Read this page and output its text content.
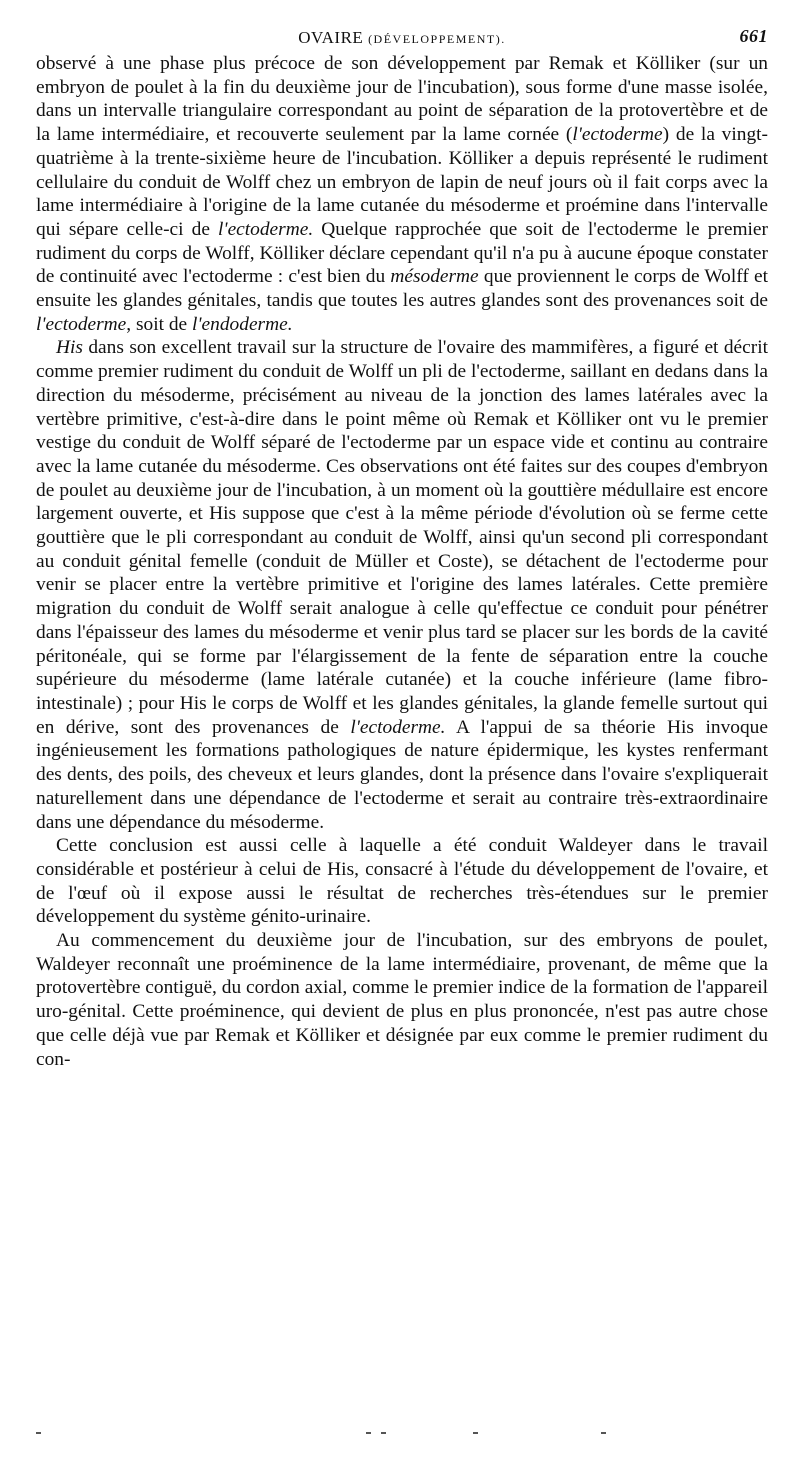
OVAIRE (DÉVELOPPEMENT).	661

observé à une phase plus précoce de son développement par Remak et Kölliker (sur un embryon de poulet à la fin du deuxième jour de l'incubation), sous forme d'une masse isolée, dans un intervalle triangulaire correspondant au point de séparation de la protovertèbre et de la lame intermédiaire, et recouverte seulement par la lame cornée (l'ectoderme) de la vingt-quatrième à la trente-sixième heure de l'incubation. Kölliker a depuis représenté le rudiment cellulaire du conduit de Wolff chez un embryon de lapin de neuf jours où il fait corps avec la lame intermédiaire à l'origine de la lame cutanée du mésoderme et proémine dans l'intervalle qui sépare celle-ci de l'ectoderme. Quelque rapprochée que soit de l'ectoderme le premier rudiment du corps de Wolff, Kölliker déclare cependant qu'il n'a pu à aucune époque constater de continuité avec l'ectoderme : c'est bien du mésoderme que proviennent le corps de Wolff et ensuite les glandes génitales, tandis que toutes les autres glandes sont des provenances soit de l'ectoderme, soit de l'endoderme.

His dans son excellent travail sur la structure de l'ovaire des mammifères, a figuré et décrit comme premier rudiment du conduit de Wolff un pli de l'ectoderme, saillant en dedans dans la direction du mésoderme, précisément au niveau de la jonction des lames latérales avec la vertèbre primitive, c'est-à-dire dans le point même où Remak et Kölliker ont vu le premier vestige du conduit de Wolff séparé de l'ectoderme par un espace vide et continu au contraire avec la lame cutanée du mésoderme. Ces observations ont été faites sur des coupes d'embryon de poulet au deuxième jour de l'incubation, à un moment où la gouttière médullaire est encore largement ouverte, et His suppose que c'est à la même période d'évolution où se ferme cette gouttière que le pli correspondant au conduit de Wolff, ainsi qu'un second pli correspondant au conduit génital femelle (conduit de Müller et Coste), se détachent de l'ectoderme pour venir se placer entre la vertèbre primitive et l'origine des lames latérales. Cette première migration du conduit de Wolff serait analogue à celle qu'effectue ce conduit pour pénétrer dans l'épaisseur des lames du mésoderme et venir plus tard se placer sur les bords de la cavité péritonéale, qui se forme par l'élargissement de la fente de séparation entre la couche supérieure du mésoderme (lame latérale cutanée) et la couche inférieure (lame fibro-intestinale) ; pour His le corps de Wolff et les glandes génitales, la glande femelle surtout qui en dérive, sont des provenances de l'ectoderme. A l'appui de sa théorie His invoque ingénieusement les formations pathologiques de nature épidermique, les kystes renfermant des dents, des poils, des cheveux et leurs glandes, dont la présence dans l'ovaire s'expliquerait naturellement dans une dépendance de l'ectoderme et serait au contraire très-extraordinaire dans une dépendance du mésoderme.

Cette conclusion est aussi celle à laquelle a été conduit Waldeyer dans le travail considérable et postérieur à celui de His, consacré à l'étude du développement de l'ovaire, et de l'œuf où il expose aussi le résultat de recherches très-étendues sur le premier développement du système génito-urinaire.

Au commencement du deuxième jour de l'incubation, sur des embryons de poulet, Waldeyer reconnaît une proéminence de la lame intermédiaire, provenant, de même que la protovertèbre contiguë, du cordon axial, comme le premier indice de la formation de l'appareil uro-génital. Cette proéminence, qui devient de plus en plus prononcée, n'est pas autre chose que celle déjà vue par Remak et Kölliker et désignée par eux comme le premier rudiment du con-
